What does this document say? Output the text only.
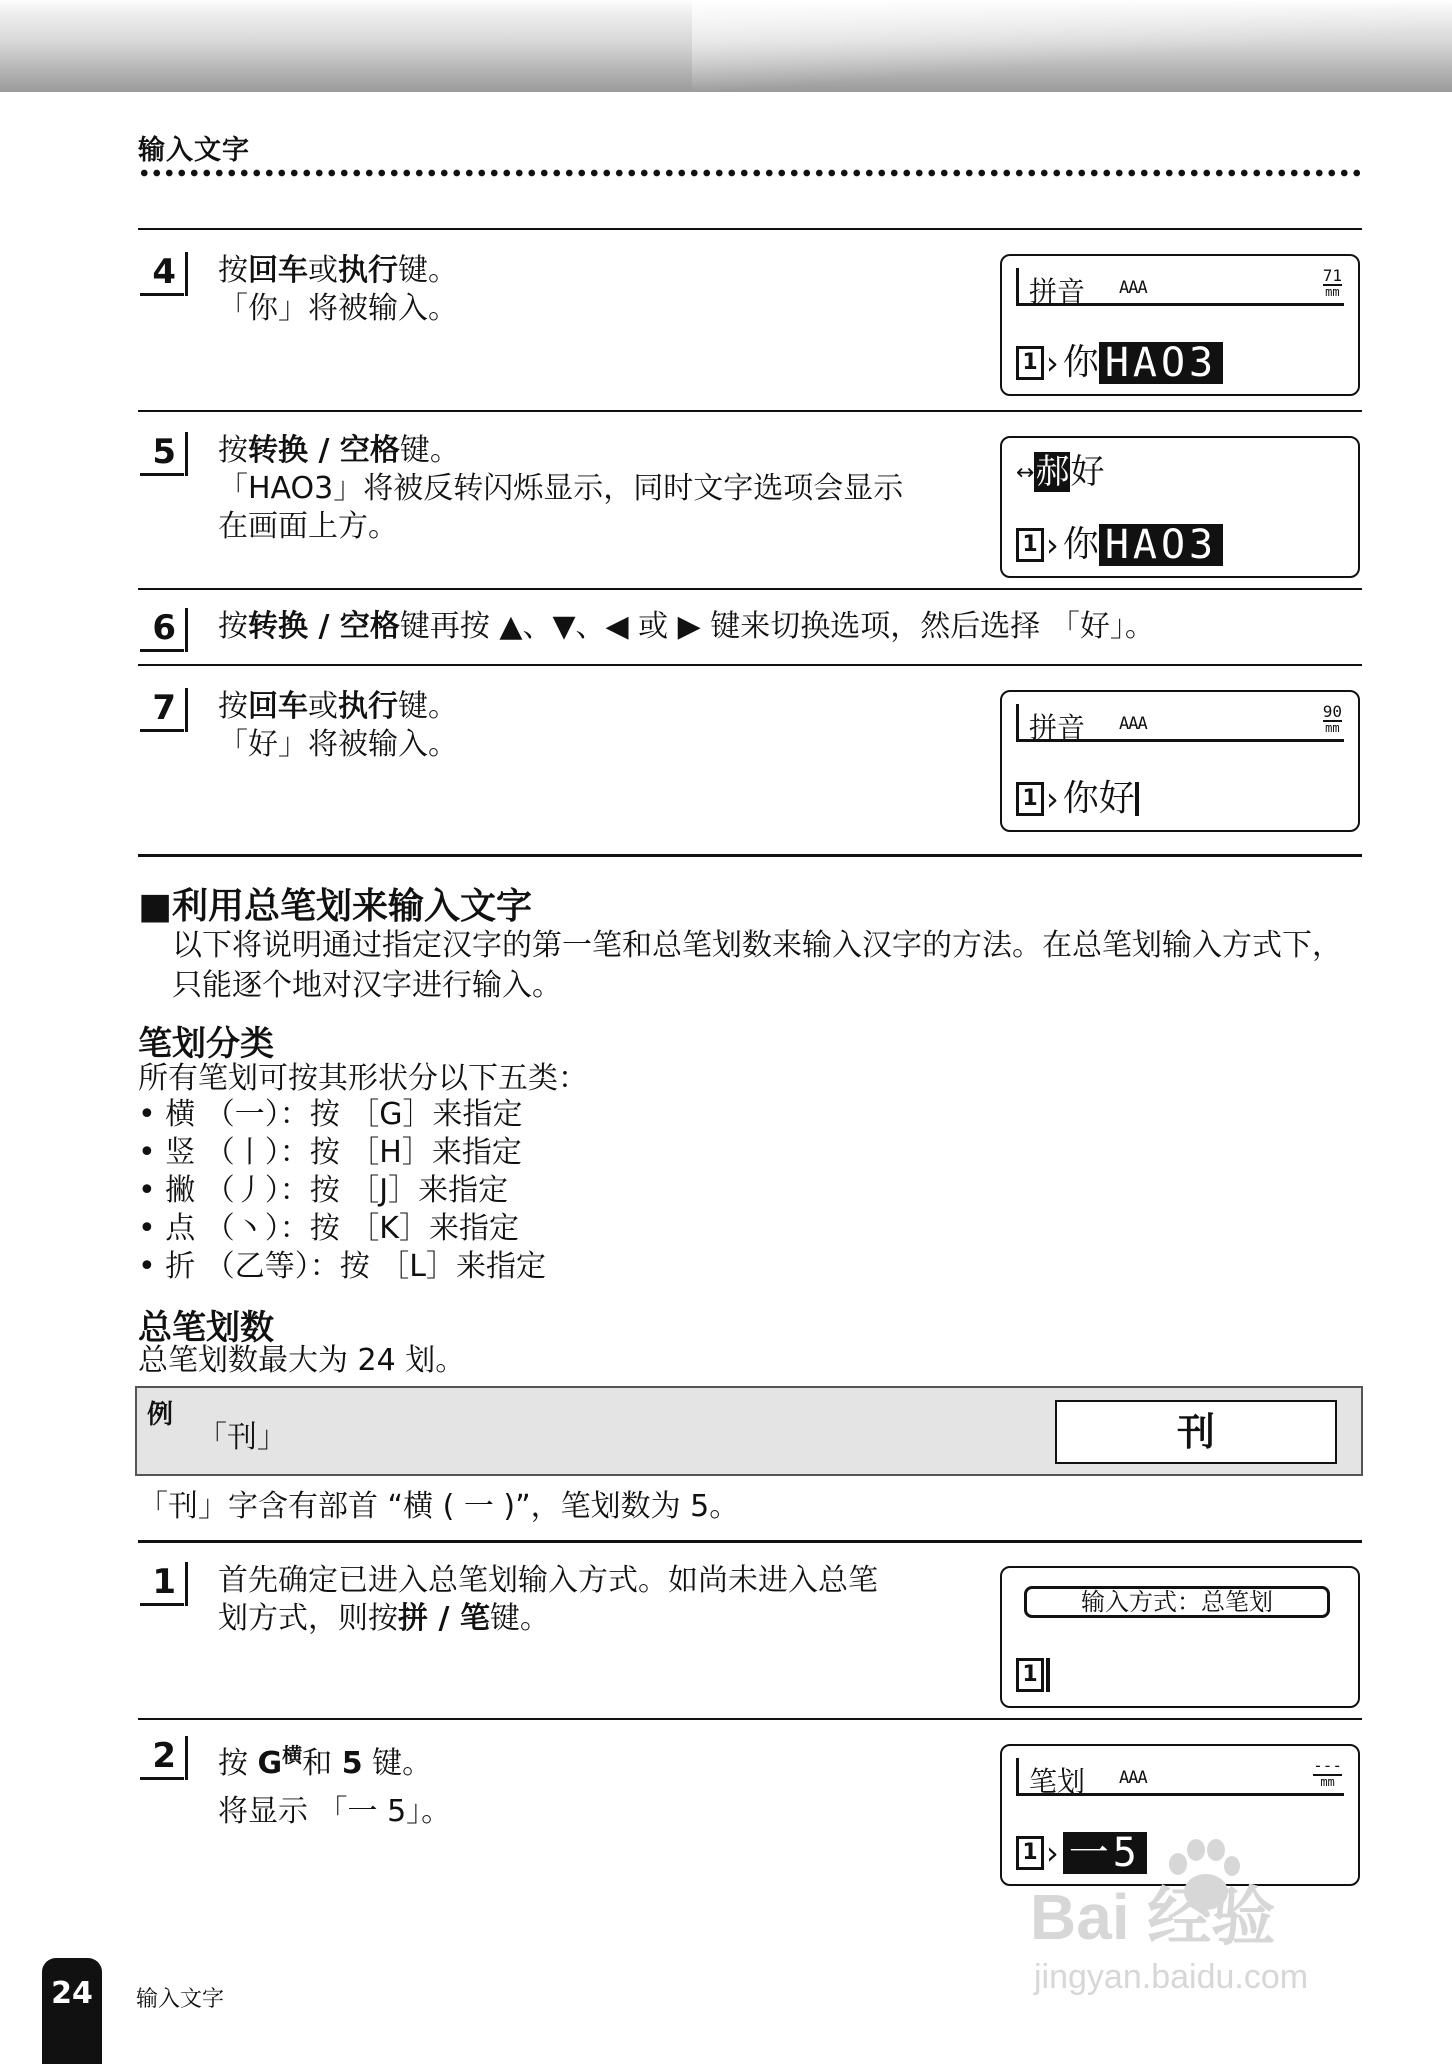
输入文字
4 按回车或执行键。
「你」将被输入。	拼音 AAA
71
mm
1 › 你 HAO3
5 按转换 / 空格键。
「HAO3」将被反转闪烁显示，同时文字选项会显示
在画面上方。
↔郝好
1 › 你 HAO3
6 按转换 / 空格键再按 ▲、▼、◀ 或 ▶ 键来切换选项，然后选择 「好」。
7 按回车或执行键。
「好」将被输入。	拼音 AAA
90
mm
1 › 你好
■利用总笔划来输入文字
以下将说明通过指定汉字的第一笔和总笔划数来输入汉字的方法。在总笔划输入方式下，只能逐个地对汉字进行输入。
笔划分类
所有笔划可按其形状分以下五类：
• 横 （一）：按 ［G］来指定
• 竖 （丨）：按 ［H］来指定
• 撇 （丿）：按 ［J］来指定
• 点 （丶）：按 ［K］来指定
• 折 （乙等）：按 ［L］来指定
总笔划数
总笔划数最大为 24 划。
例
「刊」	刊
「刊」字含有部首 “横 ( 一 )”，笔划数为 5。
1 首先确定已进入总笔划输入方式。如尚未进入总笔
划方式，则按拼 / 笔键。	输入方式：总笔划
1
2 按 $G^横$和 5 键。
将显示 「一 5」。
笔划 AAA
---
mm
1 › 一5
24	输入文字
Bai 经验
jingyan.baidu.com
